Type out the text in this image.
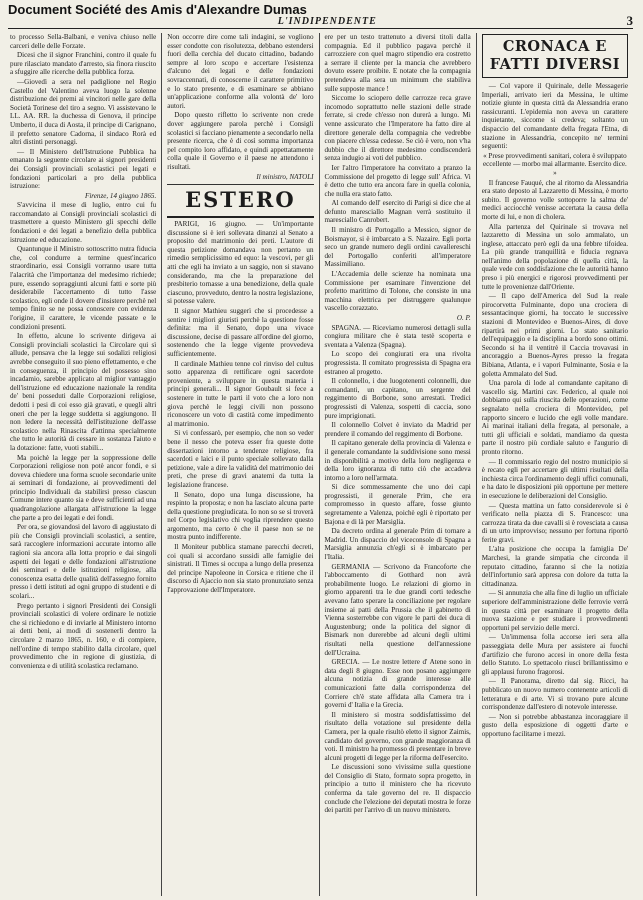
Document Société des Amis d'Alexandre Dumas
L'INDIPENDENTE	3

to processo Sella-Balbani, e veniva chiuso nelle carceri delle delle Forzate.

Dicesi che il signor Franchini, contro il quale fu pure rilasciato mandato d'arresto, sia finora riuscito a sfuggire alle ricerche della pubblica forza.

—Giovedì a sera nel padiglione nel Regio Castello del Valentino aveva luogo la solenne distribuzione dei premi ai vincitori nelle gare della Società Torinese del tiro a segno. Vi assistevano le LL. AA. RR. la duchessa di Genova, il principe Umberto, il duca di Aosta, il principe di Carignano, il prefetto senatore Cadorna, il sindaco Rorà ed altri distinti personaggi.

— Il Ministero dell'Istruzione Pubblica ha emanato la seguente circolare ai signori presidenti dei Consigli provinciali scolastici pei legati e fondazioni particolari a pro della pubblica istruzione:

Firenze, 14 giugno 1865.

S'avvicina il mese di luglio, entro cui fu raccomandato ai Consigli provinciali scolastici di trasmettere a questo Ministero gli specchi delle fondazioni e dei legati a benefizio della pubblica istruzione ed educazione.

Quantunque il Ministro sottoscritto nutra fiducia che, col condurre a termine quest'incarico straordinario, essi Consigli vorranno usare tutta l'alacrità che l'importanza del medesimo richiede; pure, essendo sopraggiunti alcuni fatti e sorte più desiderabile l'accertamento di tutto l'asse scolastico, egli onde il dovere d'insistere perchè nel tempo finito se ne possa conoscere con evidenza l'origine, il carattere, le vicende passate e le condizioni presenti.

In effetto, alcune lo scrivente dirigeva ai Consigli provinciali scolastici la Circolare qui sì allude, pensava che la legge sui sodalizi religiosi avrebbe conseguito il suo pieno effettamento, e che in conseguenza, il principio del possesso sino incadamio, sarebbe applicato al miglior vantaggio dell'istruzione ed educazione nazionale la rendita de' beni posseduti dalle Corporazioni religiose, dedotti i pesi di coi esso già gravati, e quegli altri oneri che per la legge suddetta si aggiungono. Il non ledere la necessità dell'istituzione dell'asse scolastico nella Rinascita d'attinna specialmente che tutto le autorità di cessare in sostanza l'aiuto e la dotazione: fatte, vuoti stabili...

Ma poichè la legge per la soppressione delle Corporazioni religiose non potè ancor fondi, e si doveva chiedere una forma scuole secondarie unite ai seminari di fondazione, ai provvedimenti del principio Individuali da stabilirsi presso ciascun Comune intere quanto sia e deve sufficienti ad una quadrangolazione allargata all'istruzione la legge che parte a pro dei legati e dei fondi.

Per ora, se giovandosi del lavoro di aggiustato di più che Consigli provinciali scolastici, a sentire, sarà raccoglere informazioni accurate intorno alle ragioni sia ancora alla lotta proprio e dai singoli aspetti dei legati e delle fondazioni all'istruzione dei seminari e delle istituzioni religiose, alla conoscenza esatta delle qualità dell'assegno fornito presso i detti istituti ad ogni gruppo di studenti e di scolari...

Prego pertanto i signori Presidenti dei Consigli provinciali scolastici di volere ordinare le notizie che si richiedono e di inviarle al Ministero intorno ai detti beni, ai modi di sostenerli dentro la circolare 2 marzo 1865, n. 160, e di compiere, nell'ordine di tempo stabilito dalla circolare, quel provvedimento che in regione di giustizia, di convenienza e di utilità scolastica reclamano.

Non occorre dire come tali indagini, se vogliono esser condotte con risolutezza, debbano estendersi fuori della cerchia del ducato cittadino, badando sempre al loro scopo e accertare l'esistenza d'alcuno dei legati e delle fondazioni sovraccennati, di conoscerne il carattere primitivo e lo stato presente, e di esaminare se abbiano un'applicazione conforme alla volontà de' loro autori.

Dopo questo rifletto lo scrivente non crede dover aggiungere parola perchè i Consigli scolastici si facciano pienamente a secondarlo nella presente ricerca, che è di così somma importanza pel compito loro affidato, e quindi appettatamente colla quale il Governo e il paese ne attendono i risultati.

Il ministro, NATOLI

ESTERO

PARIGI, 16 giugno. — Un'importante discussione si è ieri sollevata dinanzi al Senato a proposito del matrimonio dei preti. L'autore di questa petizione domandava non pertanto un rimedio semplicissimo ed equo: la vescovi, per gli atti che egli ha inviato a un saggio, non si stavano considerando, ma che la preparazione del presbiterio tornasse a una benedizione, della quale ciascuno, provveduto, dentro la nostra legislazione, si potesse valere.

Il signor Mathieu suggerì che si procedesse a sentire i migliori giuristi perchè la questione fosse definita: ma il Senato, dopo una vivace discussione, decise di passare all'ordine del giorno, sostenendo che la legge vigente provvedeva sufficientemente.

Il cardinale Mathieu tenne col rinviso del cultus sotto apparenza di rettificare ogni sacerdote proveniente, a sviluppare in questa materia i principi generali... Il signor Goubault si fece a sostenere in tutte le parti il voto che a loro non giova perchè le leggi civili non possono riconoscere un voto di castità come impedimento al matrimonio.

Si vi confessarò, per esempio, che non so veder bene il nesso che poteva esser fra queste dotte dissertazioni intorno a tendenze religiose, fra sacerdoti e laici e il punto speciale sollevato dalla petizione, vale a dire la validità del matrimonio dei preti, che prese di gravi anatemi da tutta la legislazione francese.

Il Senato, dopo una lunga discussione, ha respinto la proposta; e non ha lasciato alcuna parte della questione pregiudicata. Io non so se si troverà nel Corpo legislativo chi voglia riprendere questo argomento, ma certo è che il paese non se ne mostra punto indifferente.

Il Moniteur pubblica stamane parecchi decreti, coi quali si accordano sussidi alle famiglie dei sinistrati. Il Times si occupa a lungo della presenza del principe Napoleone in Corsica e ritiene che il discorso di Ajaccio non sia stato pronunziato senza l'approvazione dell'Imperatore.

ere per un testo trattenuto a diversi titoli dalla compagnia. Ed il pubblico pagava perchè il carrozziere con quel magro stipendio era costretto a serrare il cliente per la mancia che avrebbero dovuto essere proibite. E notate che la compagnia pretendeva alla sera un minimum che stabiliva sulle supposte mance !

Siccome lo sciopero delle carrozze reca grave incomodo soprattutto nelle stazioni delle strade ferrate, si crede ch'esso non durerà a lungo. Mi venne assicurato che l'Imperatore ha fatto dire al direttore generale della compagnia che vedrebbe con piacere ch'essa cedesse. Se ciò è vero, non v'ha dubbio che il direttore medesimo condiscenderà senza indugio ai voti del pubblico.

Ier l'altro l'imperatore ha convitato a pranzo la Commissione del progetto di legge sull' Africa. Vi è detto che tutto era ancora fare in quella colonia, che nulla era stato fatto.

Al comando dell' esercito di Parigi si dice che al defunto maresciallo Magnan verrà sostituito il maresciallo Canrobert.

Il ministro di Portogallo a Messico, signor de Boismayor, si è imbarcato a S. Nazaire. Egli porta seco un grande numero degli ordini cavallereschi del Portogallo conferiti all'imperatore Massimiliano.

L'Accademia delle scienze ha nominata una Commissione per esaminare l'invenzione del profetto marittimo di Tolone, che consiste in una macchina elettrica per distruggere qualunque vascello corazzato.

O. P.

SPAGNA. — Riceviamo numerosi dettagli sulla congiura militare che è stata testè scoperta e sventata a Valenza (Spagna).

Lo scopo dei congiurati era una rivolta progressista. Il comitato progressista di Spagna era estraneo al progetto.

Il colonnello, i due luogotenenti colonnelli, due comandanti, un capitano, un sergente del reggimento di Borbone, sono arrestati. Tredici progressisti di Valenza, sospetti di caccia, sono pure imprigionati.

Il colonnello Colvet è inviato da Madrid per prendere il comando del reggimento di Borbone.

Il capitano generale della provincia di Valenza e il generale comandante la suddivisione sono messi in disponibilità a motivo della loro negligenza e della loro ignoranza di tutto ciò che accadeva intorno a loro nell'armata.

Si dice sommessamente che uno dei capi progressisti, il generale Prim, che era compromesso in questo affare, fosse giunto segretamente a Valenza, poichè egli è riportato per Bajona e di là per Marsiglia.

Da decreto ordina al generale Prim di tornare a Madrid. Un dispaccio del viceconsole di Spagna a Marsiglia annunzia ch'egli si è imbarcato per l'Italia.

GERMANIA — Scrivono da Francoforte che l'abboccamento di Gotthard non avrà probabilmente luogo. Le relazioni di giorno in giorno apparenti tra le due grandi corti tedesche avevano fatto sperare la conciliazione per regolare insieme ai patti della Prussia che il gabinetto di Vienna sosterrebbe con vigore le parti dei duca di Augustenburg; onde la politica del signor di Bismark non durerebbe ad alcuni degli ultimi risultati nella questione dell'annessione dell'Ucraina.

GRECIA. — Le nostre lettere d' Atene sono in data degli 8 giugno. Esse non posano aggiungere alcuna notizia di grande interesse alle comunicazioni fatte dalla corrispondenza del Corriere ch'è state affidata alla Camera tra i governi d' Italia e la Grecia.

Il ministero si mostra soddisfattissimo del risultato della votazione sul presidente della Camera, per la quale risultò eletto il signor Zaimis, candidato del governo, con grande maggioranza di voti. Il ministro ha promesso di presentare in breve alcuni progetti di legge per la riforma dell'esercito.

Le discussioni sono vivissime sulla questione del Consiglio di Stato, formato sopra progetto, in principio a tutto il ministero che ha ricevuto conferma da tale governo del re. Il dispaccio conclude che l'elezione dei deputati mostra le forze dei partiti per l'arrivo di un nuovo ministero.

CRONACA E FATTI DIVERSI

— Col vapore il Quirinale, delle Messagerie Imperiali, arrivato ieri da Messina, le ultime notizie giunte in questa città da Alessandria erano rassicuranti. L'epidemia non aveva un carattere inquietante, siccome si credeva; soltanto un dispaccio del comandante della fregata l'Etna, di stazione in Alessandria, concepito ne' termini seguenti:

« Prese provvedimenti sanitari, colera è sviluppato eccellente — morbo mai allarmante. Esercito dice. »

Il francese Fauqué, che al ritorno da Alessandria era stato deposto al Lazzaretto di Messina, è morto subito. Il governo volle sottoporre la salma de' medici acciocchè venisse accertata la causa della morte di lui, e non di cholera.

Alla partenza del Quirinale si trovava nel lazzaretto di Messina un solo ammalato, un inglese, attaccato però egli da una febbre tifoidea. La più grande tranquillità e fiducia regnava nell'animo della popolazione di quella città, la quale vede con soddisfazione che le autorità hanno preso i più energici e rigorosi provvedimenti per tutte le provenienze dall'Oriente.

— Il capo dell'America del Sud la reale pirocorvetta Fulminante, dopo una crociera di sessantacinque giorni, ha toccato le successive stazioni di Montevideo e Buenos-Aires, di dove ripartirà nei primi giorni. Lo stato sanitario dell'equipaggio e la disciplina a bordo sono ottimi. Secondo si ha il ventitrè il Caccia trovavasi in ancoraggio a Buenos-Ayres presso la fregata Bibiana, Atlanta, e i vapori Fulminante, Sosia e la goletta Ammalato del Sud.

Una parola di lode al comandante capitano di vascello sig. Martini cav. Federico, al quale noi dobbiamo qui sulla riuscita delle operazioni, come segnalato nella crociera di Montevideo, pel rapporto sincero e lucido che egli volle mandare. Ai marinai italiani della fregata, al personale, a tutti gli ufficiali e soldati, mandiamo da questa parte il nostro più cordiale saluto e l'augurio di pronto ritorno.

— Il commissario regio del nostro municipio si è recato egli per accertare gli ultimi risultati della inchiesta circa l'ordinamento degli uffici comunali, e ha dato le disposizioni più opportune per mettere in esecuzione le deliberazioni del Consiglio.

— Questa mattina un fatto considerevole si è verificato nella piazza di S. Francesco: una carrozza tirata da due cavalli si è rovesciata a causa di un urto improvviso; nessuno per fortuna riportò ferite gravi.

L'alta posizione che occupa la famiglia De' Marchesi, la grande simpatia che circonda il reputato cittadino, faranno sì che la notizia dell'infortunio sarà appresa con dolore da tutta la cittadinanza.

— Si annunzia che alla fine di luglio un ufficiale superiore dell'amministrazione delle ferrovie verrà in questa città per esaminare il progetto della nuova stazione e per studiare i provvedimenti opportuni pel servizio delle merci.

— Un'immensa folla accorse ieri sera alla passeggiata delle Mura per assistere ai fuochi d'artifizio che furono accesi in onore della festa dello Statuto. Lo spettacolo riuscì brillantissimo e gli applausi furono fragorosi.

— Il Panorama, diretto dal sig. Ricci, ha pubblicato un nuovo numero contenente articoli di letteratura e di arte. Vi si trovano pure alcune corrispondenze dall'estero di notevole interesse.

— Non si potrebbe abbastanza incoraggiare il gusto della esposizione di oggetti d'arte e opportuno facilitarne i mezzi.
